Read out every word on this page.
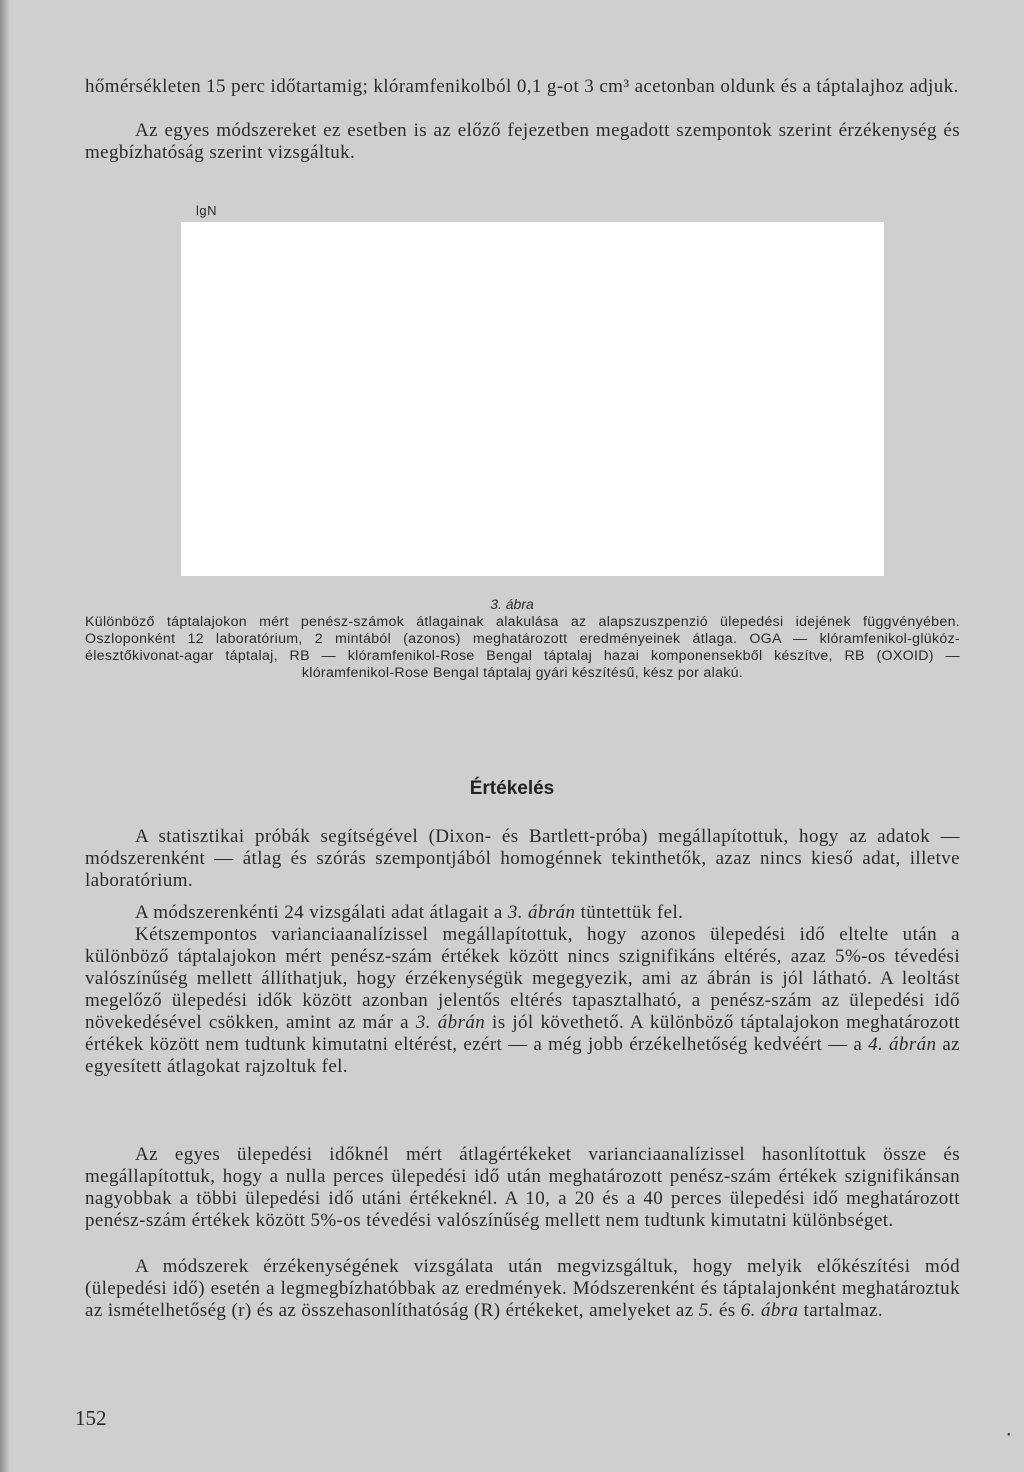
hőmérsékleten 15 perc időtartamig; klóramfenikolból 0,1 g-ot 3 cm³ acetonban oldunk és a táptalajhoz adjuk.

Az egyes módszereket ez esetben is az előző fejezetben megadott szempontok szerint érzékenység és megbízhatóság szerint vizsgáltuk.

lgN
3. ábra

Különböző táptalajokon mért penész-számok átlagainak alakulása az alapszuszpenzió ülepedési idejének függvényében. Oszloponként 12 laboratórium, 2 mintából (azonos) meghatározott eredményeinek átlaga. OGA — klóramfenikol-glükóz-élesztőkivonat-agar táptalaj, RB — klóramfenikol-Rose Bengal táptalaj hazai komponensekből készítve, RB (OXOID) — klóramfenikol-Rose Bengal táptalaj gyári készítésű, kész por alakú.

Értékelés

A statisztikai próbák segítségével (Dixon- és Bartlett-próba) megállapítottuk, hogy az adatok — módszerenként — átlag és szórás szempontjából homogénnek tekinthetők, azaz nincs kieső adat, illetve laboratórium.

A módszerenkénti 24 vizsgálati adat átlagait a 3. ábrán tüntettük fel.

Kétszempontos varianciaanalízissel megállapítottuk, hogy azonos ülepedési idő eltelte után a különböző táptalajokon mért penész-szám értékek között nincs szignifikáns eltérés, azaz 5%-os tévedési valószínűség mellett állíthatjuk, hogy érzékenységük megegyezik, ami az ábrán is jól látható. A leoltást megelőző ülepedési idők között azonban jelentős eltérés tapasztalható, a penész-szám az ülepedési idő növekedésével csökken, amint az már a 3. ábrán is jól követhető. A különböző táptalajokon meghatározott értékek között nem tudtunk kimutatni eltérést, ezért — a még jobb érzékelhetőség kedvéért — a 4. ábrán az egyesített átlagokat rajzoltuk fel.

Az egyes ülepedési időknél mért átlagértékeket varianciaanalízissel hasonlítottuk össze és megállapítottuk, hogy a nulla perces ülepedési idő után meghatározott penész-szám értékek szignifikánsan nagyobbak a többi ülepedési idő utáni értékeknél. A 10, a 20 és a 40 perces ülepedési idő meghatározott penész-szám értékek között 5%-os tévedési valószínűség mellett nem tudtunk kimutatni különbséget.

A módszerek érzékenységének vizsgálata után megvizsgáltuk, hogy melyik előkészítési mód (ülepedési idő) esetén a legmegbízhatóbbak az eredmények. Módszerenként és táptalajonként meghatároztuk az ismételhetőség (r) és az összehasonlíthatóság (R) értékeket, amelyeket az 5. és 6. ábra tartalmaz.

152
•
